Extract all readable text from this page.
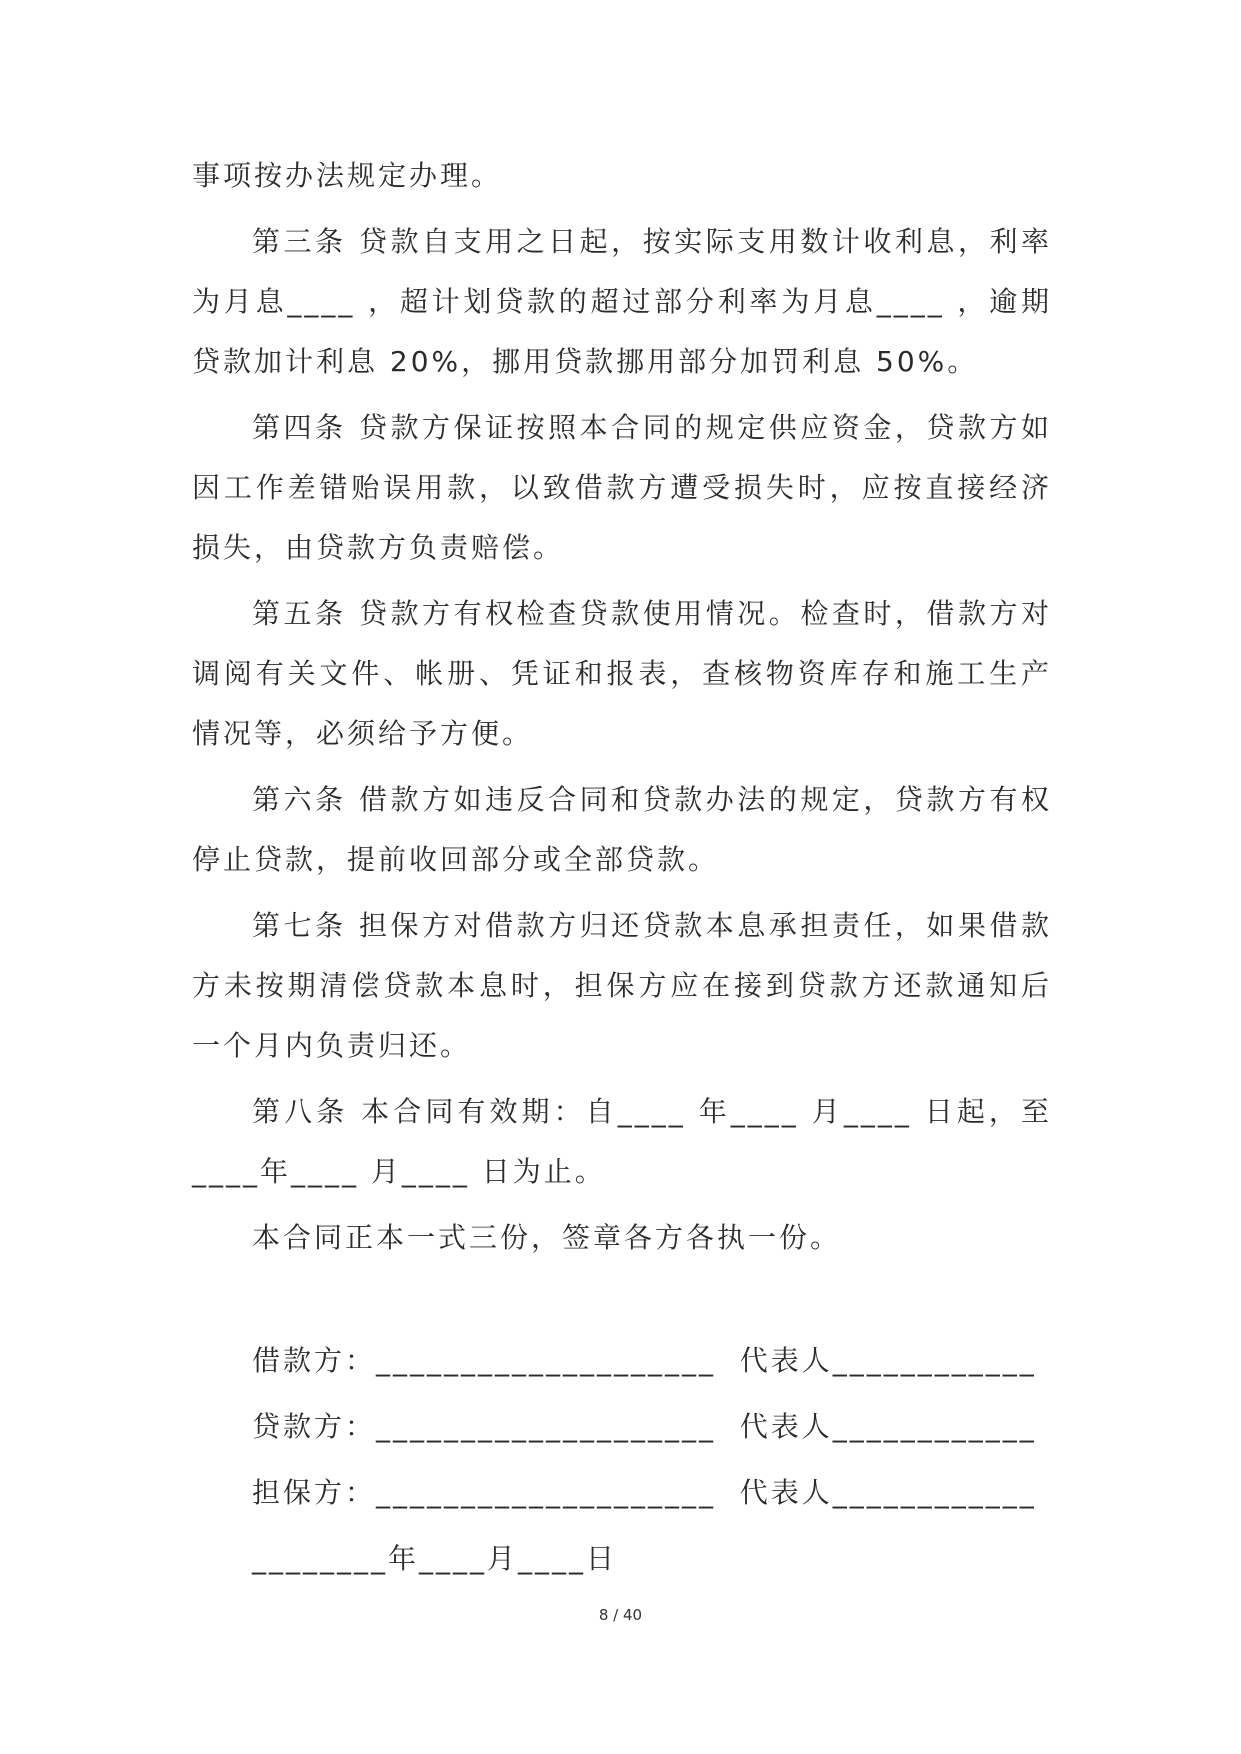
事项按办法规定办理。

第三条 贷款自支用之日起，按实际支用数计收利息，利率为月息____ ，超计划贷款的超过部分利率为月息____ ，逾期贷款加计利息 20%，挪用贷款挪用部分加罚利息 50%。

第四条 贷款方保证按照本合同的规定供应资金，贷款方如因工作差错贻误用款，以致借款方遭受损失时，应按直接经济损失，由贷款方负责赔偿。

第五条 贷款方有权检查贷款使用情况。检查时，借款方对调阅有关文件、帐册、凭证和报表，查核物资库存和施工生产情况等，必须给予方便。

第六条 借款方如违反合同和贷款办法的规定，贷款方有权停止贷款，提前收回部分或全部贷款。

第七条 担保方对借款方归还贷款本息承担责任，如果借款方未按期清偿贷款本息时，担保方应在接到贷款方还款通知后一个月内负责归还。

第八条 本合同有效期：自____ 年____ 月____ 日起，至____年____ 月____ 日为止。

本合同正本一式三份，签章各方各执一份。

借款方：____________________  代表人____________
贷款方：____________________  代表人____________
担保方：____________________  代表人____________
________年____月____日
8 / 40
